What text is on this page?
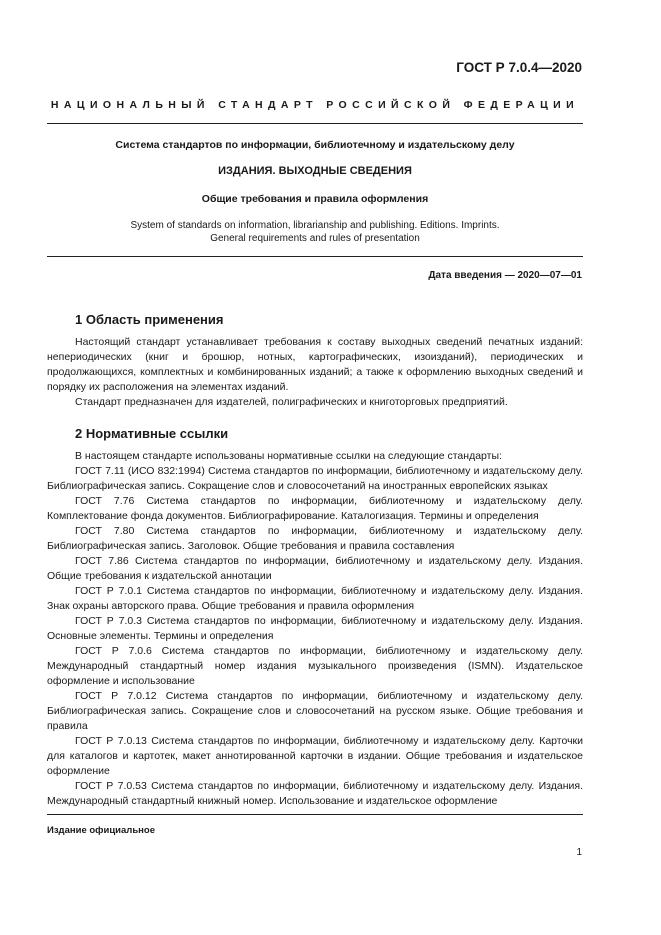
ГОСТ Р 7.0.4—2020
НАЦИОНАЛЬНЫЙ СТАНДАРТ РОССИЙСКОЙ ФЕДЕРАЦИИ
Система стандартов по информации, библиотечному и издательскому делу
ИЗДАНИЯ. ВЫХОДНЫЕ СВЕДЕНИЯ
Общие требования и правила оформления
System of standards on information, librarianship and publishing. Editions. Imprints.
General requirements and rules of presentation
Дата введения — 2020—07—01
1 Область применения

Настоящий стандарт устанавливает требования к составу выходных сведений печатных изданий: непериодических (книг и брошюр, нотных, картографических, изоизданий), периодических и продолжающихся, комплектных и комбинированных изданий; а также к оформлению выходных сведений и порядку их расположения на элементах изданий.

Стандарт предназначен для издателей, полиграфических и книготорговых предприятий.

2 Нормативные ссылки

В настоящем стандарте использованы нормативные ссылки на следующие стандарты:

ГОСТ 7.11 (ИСО 832:1994) Система стандартов по информации, библиотечному и издательскому делу. Библиографическая запись. Сокращение слов и словосочетаний на иностранных европейских языках

ГОСТ 7.76 Система стандартов по информации, библиотечному и издательскому делу. Комплектование фонда документов. Библиографирование. Каталогизация. Термины и определения

ГОСТ 7.80 Система стандартов по информации, библиотечному и издательскому делу. Библиографическая запись. Заголовок. Общие требования и правила составления

ГОСТ 7.86 Система стандартов по информации, библиотечному и издательскому делу. Издания. Общие требования к издательской аннотации

ГОСТ Р 7.0.1 Система стандартов по информации, библиотечному и издательскому делу. Издания. Знак охраны авторского права. Общие требования и правила оформления

ГОСТ Р 7.0.3 Система стандартов по информации, библиотечному и издательскому делу. Издания. Основные элементы. Термины и определения

ГОСТ Р 7.0.6 Система стандартов по информации, библиотечному и издательскому делу. Международный стандартный номер издания музыкального произведения (ISMN). Издательское оформление и использование

ГОСТ Р 7.0.12 Система стандартов по информации, библиотечному и издательскому делу. Библиографическая запись. Сокращение слов и словосочетаний на русском языке. Общие требования и правила

ГОСТ Р 7.0.13 Система стандартов по информации, библиотечному и издательскому делу. Карточки для каталогов и картотек, макет аннотированной карточки в издании. Общие требования и издательское оформление

ГОСТ Р 7.0.53 Система стандартов по информации, библиотечному и издательскому делу. Издания. Международный стандартный книжный номер. Использование и издательское оформление

Издание официальное
1
